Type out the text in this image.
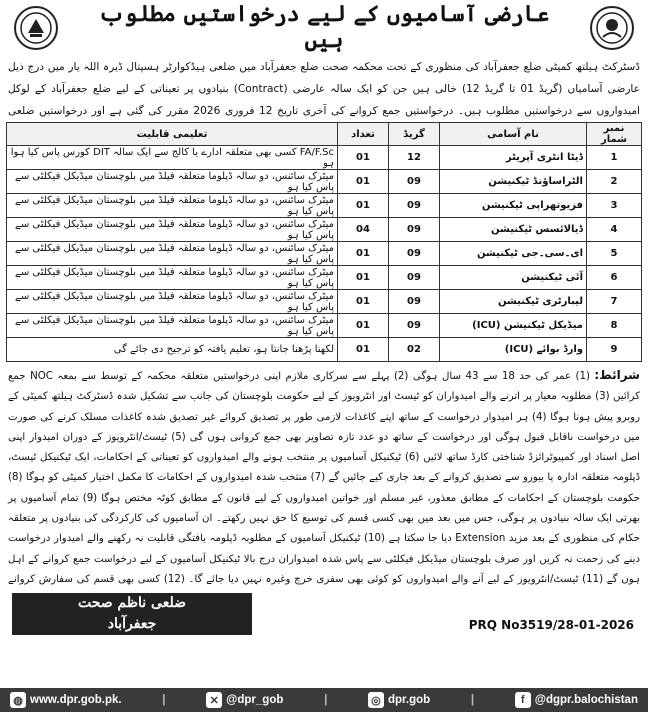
عارضی آسامیوں کے لیے درخواستیں مطلوب ہیں
ڈسٹرکٹ ہیلتھ کمیٹی ضلع جعفرآباد کی منظوری کے تحت محکمہ صحت ضلع جعفرآباد میں ضلعی ہیڈکوارٹر ہسپتال ڈیرہ اللہ یار میں درج ذیل عارضی آسامیاں (گریڈ 01 تا گریڈ 12) خالی ہیں جن کو ایک سالہ عارضی (Contract) بنیادوں پر تعیناتی کے لیے ضلع جعفرآباد کے لوکل امیدواروں سے درخواستیں مطلوب ہیں۔ درخواستیں جمع کروانے کی آخری تاریخ 12 فروری 2026 مقرر کی گئی ہے اور درخواستیں ضلعی
نمبر شمار	نام آسامی	گریڈ	تعداد	تعلیمی قابلیت
1	ڈیٹا انٹری آپریٹر	12	01	FA/F.Sc کسی بھی متعلقہ ادارے یا کالج سے ایک سالہ DIT کورس پاس کیا ہوا ہو
2	الٹراساؤنڈ ٹیکنیشن	09	01	میٹرک سائنس، دو سالہ ڈپلوما متعلقہ فیلڈ میں بلوچستان میڈیکل فیکلٹی سے پاس کیا ہو
3	فزیوتھراپی ٹیکنیشن	09	01	میٹرک سائنس، دو سالہ ڈپلوما متعلقہ فیلڈ میں بلوچستان میڈیکل فیکلٹی سے پاس کیا ہو
4	ڈیالائسس ٹیکنیشن	09	04	میٹرک سائنس، دو سالہ ڈپلوما متعلقہ فیلڈ میں بلوچستان میڈیکل فیکلٹی سے پاس کیا ہو
5	ای۔سی۔جی ٹیکنیشن	09	01	میٹرک سائنس، دو سالہ ڈپلوما متعلقہ فیلڈ میں بلوچستان میڈیکل فیکلٹی سے پاس کیا ہو
6	آئی ٹیکنیشن	09	01	میٹرک سائنس، دو سالہ ڈپلوما متعلقہ فیلڈ میں بلوچستان میڈیکل فیکلٹی سے پاس کیا ہو
7	لیبارٹری ٹیکنیشن	09	01	میٹرک سائنس، دو سالہ ڈپلوما متعلقہ فیلڈ میں بلوچستان میڈیکل فیکلٹی سے پاس کیا ہو
8	میڈیکل ٹیکنیشن (ICU)	09	01	میٹرک سائنس، دو سالہ ڈپلوما متعلقہ فیلڈ میں بلوچستان میڈیکل فیکلٹی سے پاس کیا ہو
9	وارڈ بوائے (ICU)	02	01	لکھنا پڑھنا جانتا ہو، تعلیم یافتہ کو ترجیح دی جائے گی
شرائط: (1) عمر کی حد 18 سے 43 سال ہوگی (2) پہلے سے سرکاری ملازم اپنی درخواستیں متعلقہ محکمہ کے توسط سے بمعہ NOC جمع کرائیں (3) مطلوبہ معیار پر اترنے والے امیدواران کو ٹیسٹ اور انٹرویوز کے لیے حکومت بلوچستان کی جانب سے تشکیل شدہ ڈسٹرکٹ ہیلتھ کمیٹی کے روبرو پیش ہونا ہوگا (4) ہر امیدوار درخواست کے ساتھ اپنے کاغذات لازمی طور پر تصدیق کروائے غیر تصدیق شدہ کاغذات مسلک کرنے کی صورت میں درخواست ناقابل قبول ہوگی اور درخواست کے ساتھ دو عدد تازہ تصاویر بھی جمع کروانی ہوں گی (5) ٹیسٹ/انٹرویوز کے دوران امیدوار اپنی اصل اسناد اور کمپیوٹرائزڈ شناختی کارڈ ساتھ لائیں (6) ٹیکنیکل آسامیوں پر منتخب ہونے والے امیدواروں کو تعیناتی کے احکامات، ایک ٹیکنیکل ٹیسٹ، ڈپلومہ متعلقہ ادارہ یا بیورو سے تصدیق کروانے کے بعد جاری کیے جائیں گے (7) منتخب شدہ امیدواروں کے احکامات کا مکمل اختیار کمیٹی کو ہوگا (8) حکومت بلوچستان کے احکامات کے مطابق معذور، غیر مسلم اور خواتین امیدواروں کے لیے قانون کے مطابق کوٹہ مختص ہوگا (9) تمام آسامیوں پر بھرتی ایک سالہ بنیادوں پر ہوگی، جس میں بعد میں بھی کسی قسم کی توسیع کا حق نہیں رکھتے۔ ان آسامیوں کی کارکردگی کی بنیادوں پر متعلقہ حکام کی منظوری کے بعد مزید Extension دیا جا سکتا ہے (10) ٹیکنیکل آسامیوں کے مطلوبہ ڈپلومہ یافتگی قابلیت نہ رکھنے والے امیدوار درخواست دینے کی زحمت نہ کریں اور صرف بلوچستان میڈیکل فیکلٹی سے پاس شدہ امیدواران درج بالا ٹیکنیکل آسامیوں کے لیے درخواست جمع کروانے کے اہل ہوں گے (11) ٹیسٹ/انٹرویوز کے لیے آنے والے امیدواروں کو کوئی بھی سفری خرچ وغیرہ نہیں دیا جائے گا۔ (12) کسی بھی قسم کی سفارش کروانے
ضلعی ناظم صحت
جعفرآباد	PRQ No3519/28-01-2026
◍ www.dpr.gob.pk.	|	✕ @dpr_gob	|	◎ dpr.gob	|	f @dgpr.balochistan
